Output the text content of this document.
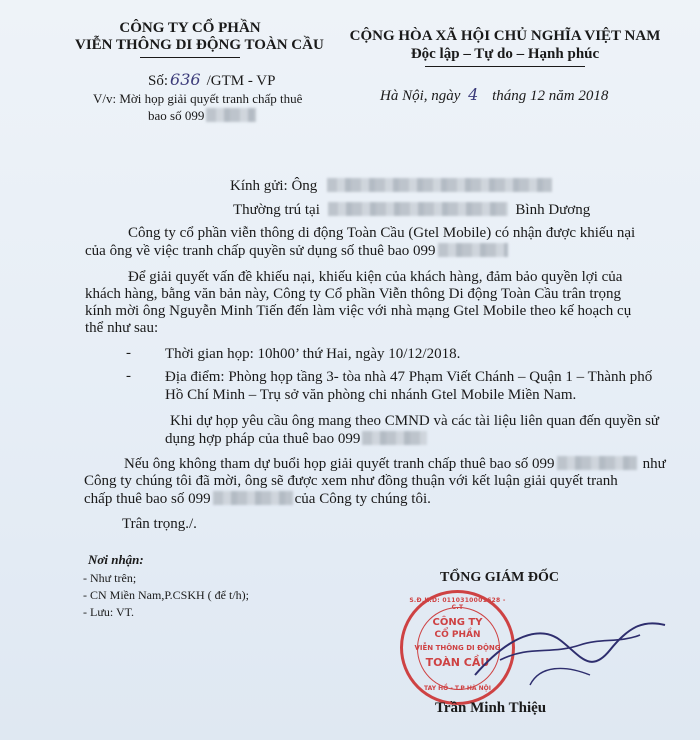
CÔNG TY CỔ PHẦN
VIỄN THÔNG DI ĐỘNG TOÀN CẦU
Số: 636 /GTM - VP
V/v: Mời họp giải quyết tranh chấp thuê
bao số 099
CỘNG HÒA XÃ HỘI CHỦ NGHĨA VIỆT NAM
Độc lập – Tự do – Hạnh phúc
Hà Nội, ngày 4 tháng 12 năm 2018
Kính gửi: Ông
Thường trú tại	Bình Dương
Công ty cổ phần viễn thông di động Toàn Cầu (Gtel Mobile) có nhận được khiếu nại
của ông về việc tranh chấp quyền sử dụng số thuê bao 099
Để giải quyết vấn đề khiếu nại, khiếu kiện của khách hàng, đảm bảo quyền lợi của
khách hàng, bằng văn bản này, Công ty Cổ phần Viễn thông Di động Toàn Cầu trân trọng
kính mời ông Nguyễn Minh Tiến đến làm việc với nhà mạng Gtel Mobile theo kế hoạch cụ
thể như sau:
- Thời gian họp: 10h00’ thứ Hai, ngày 10/12/2018.
- Địa điểm: Phòng họp tầng 3- tòa nhà 47 Phạm Viết Chánh – Quận 1 – Thành phố
Hồ Chí Minh – Trụ sở văn phòng chi nhánh Gtel Mobile Miền Nam.
Khi dự họp yêu cầu ông mang theo CMND và các tài liệu liên quan đến quyền sử
dụng hợp pháp của thuê bao 099
Nếu ông không tham dự buổi họp giải quyết tranh chấp thuê bao số 099	như
Công ty chúng tôi đã mời, ông sẽ được xem như đồng thuận với kết luận giải quyết tranh
chấp thuê bao số 099	của Công ty chúng tôi.
Trân trọng./.
Nơi nhận:
- Như trên;
- CN Miền Nam,P.CSKH ( để t/h);
- Lưu: VT.
TỔNG GIÁM ĐỐC
S.Đ.K.D: 0110310001628 - C.T
CÔNG TY
CỔ PHẦN
VIỄN THÔNG DI ĐỘNG
TOÀN CẦU
TAY HỒ - T.P HÀ NỘI
Trần Minh Thiệu
